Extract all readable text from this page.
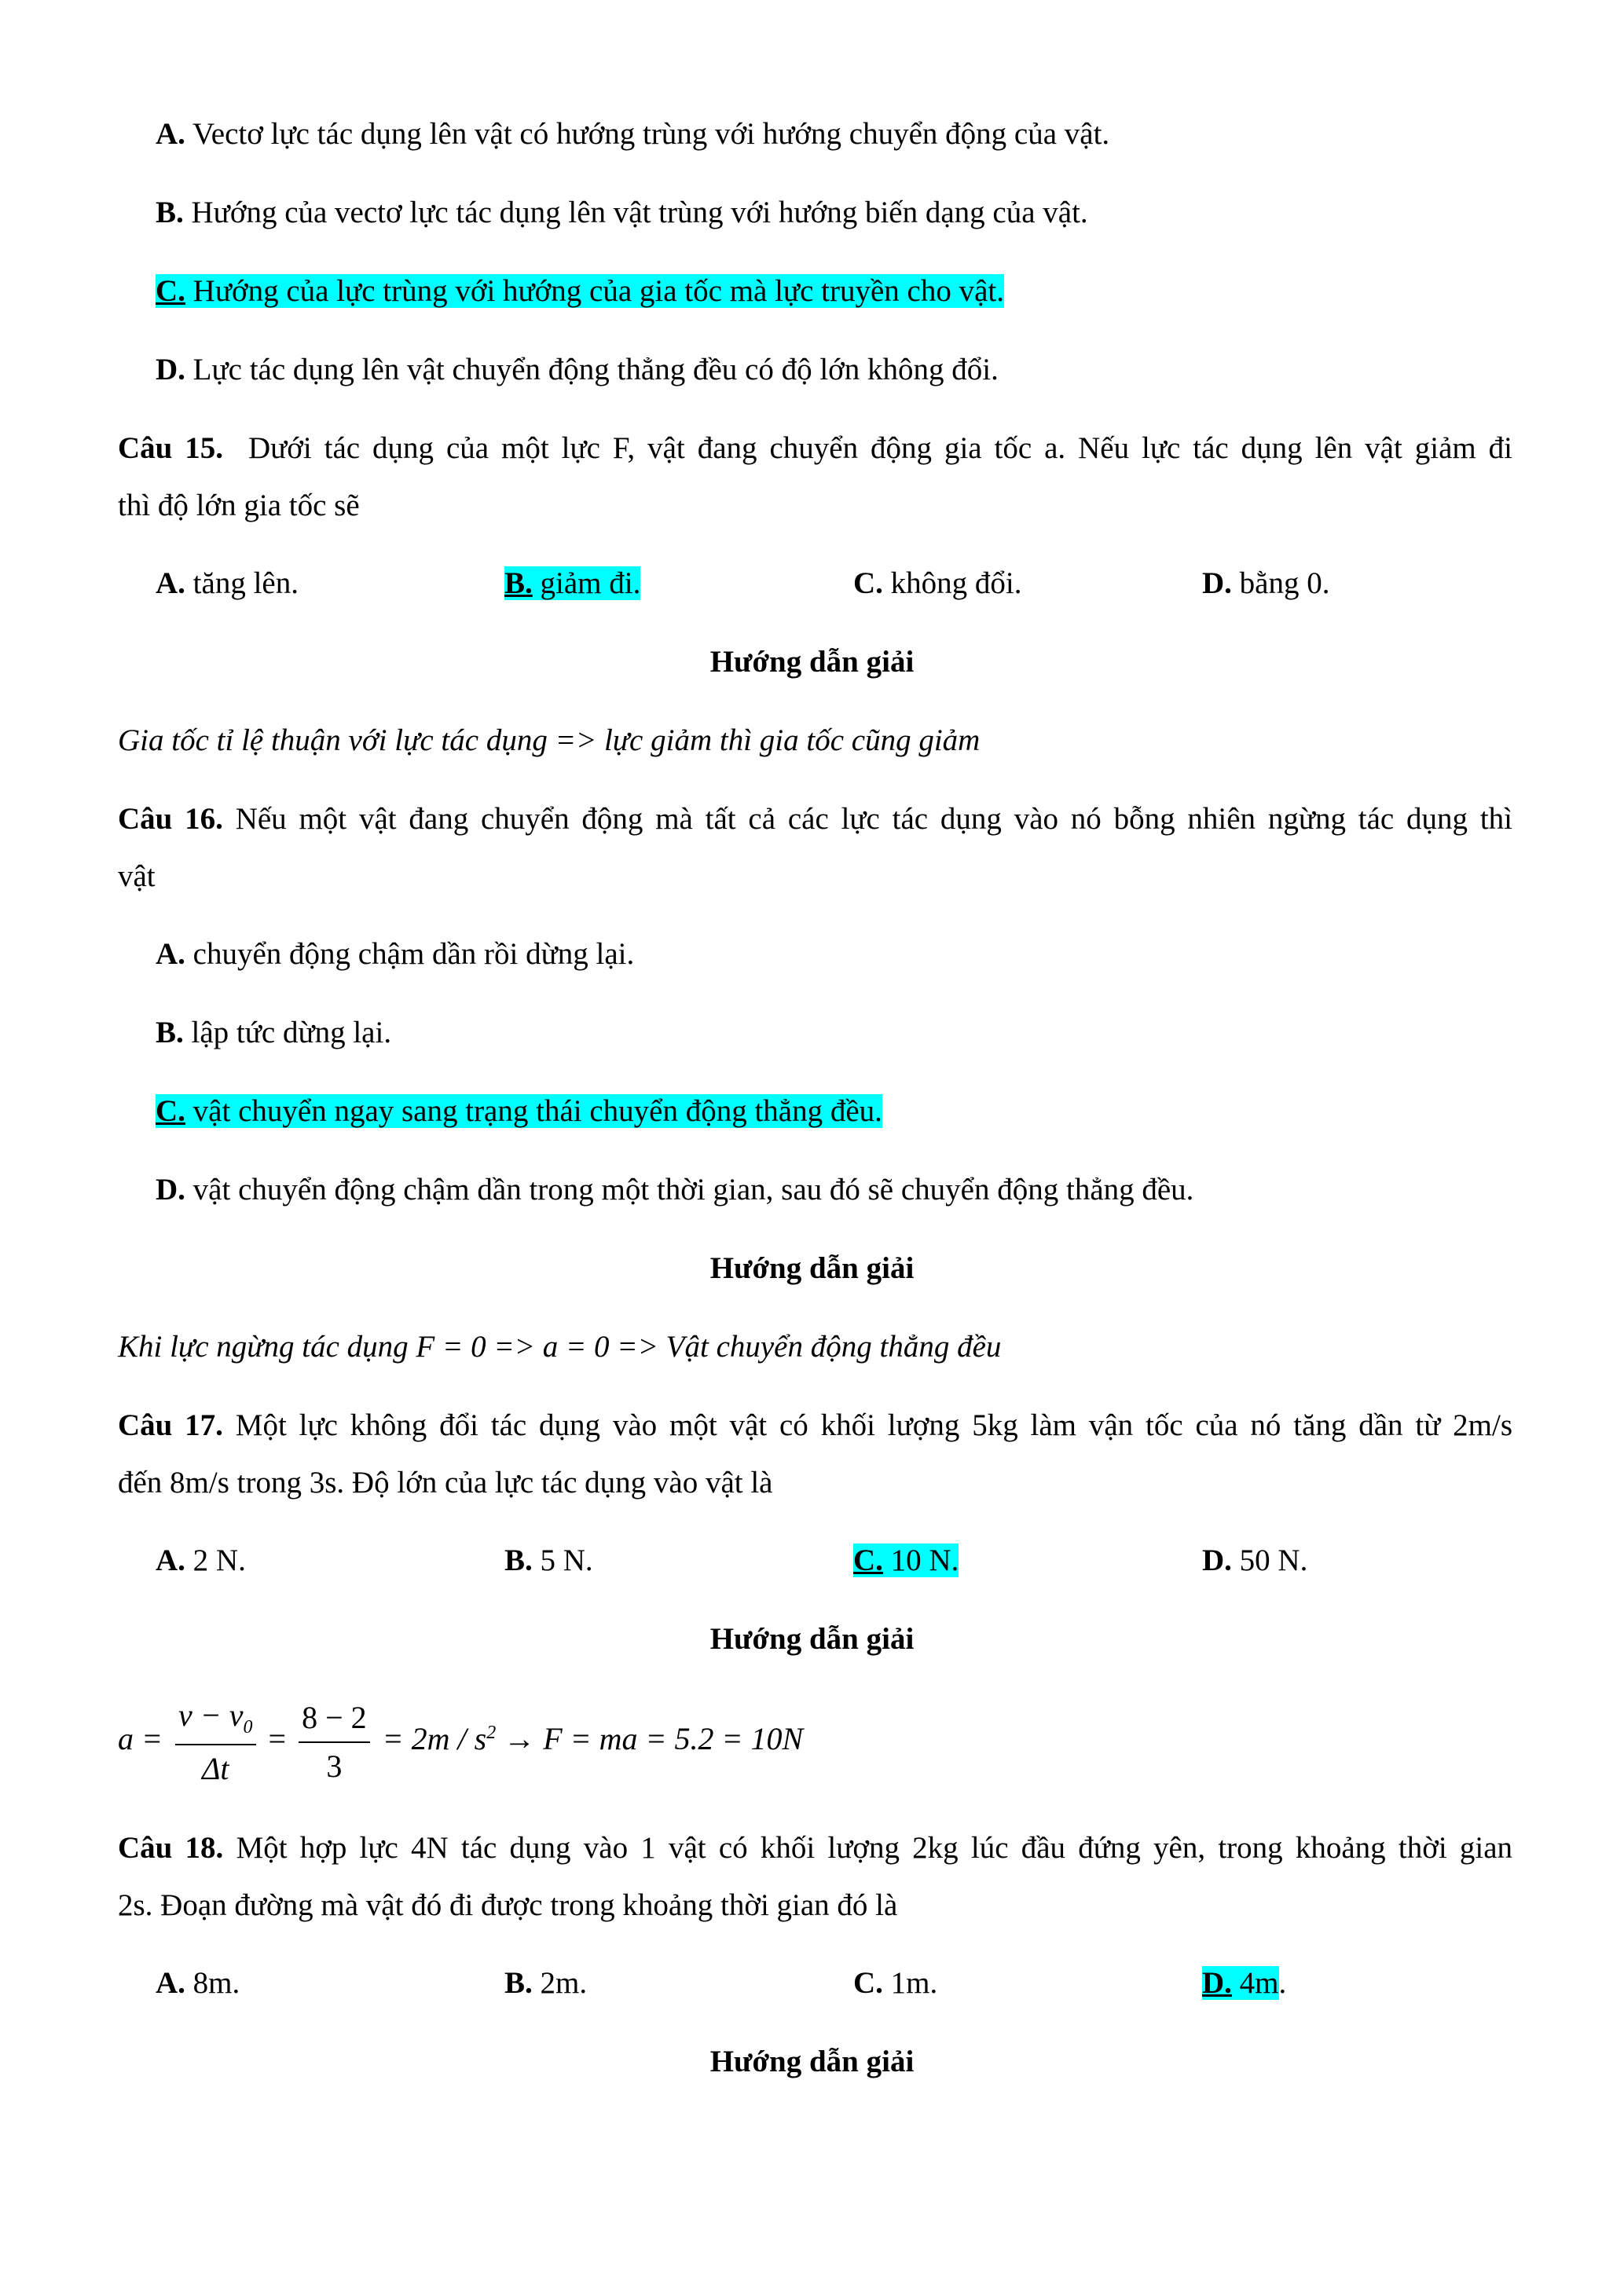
A. Vectơ lực tác dụng lên vật có hướng trùng với hướng chuyển động của vật.
B. Hướng của vectơ lực tác dụng lên vật trùng với hướng biến dạng của vật.
C. Hướng của lực trùng với hướng của gia tốc mà lực truyền cho vật.
D. Lực tác dụng lên vật chuyển động thẳng đều có độ lớn không đổi.
Câu 15. Dưới tác dụng của một lực F, vật đang chuyển động gia tốc a. Nếu lực tác dụng lên vật giảm đi
thì độ lớn gia tốc sẽ
A. tăng lên.	B. giảm đi.	C. không đổi.	D. bằng 0.
Hướng dẫn giải
Gia tốc tỉ lệ thuận với lực tác dụng => lực giảm thì gia tốc cũng giảm
Câu 16. Nếu một vật đang chuyển động mà tất cả các lực tác dụng vào nó bỗng nhiên ngừng tác dụng thì
vật
A. chuyển động chậm dần rồi dừng lại.
B. lập tức dừng lại.
C. vật chuyển ngay sang trạng thái chuyển động thẳng đều.
D. vật chuyển động chậm dần trong một thời gian, sau đó sẽ chuyển động thẳng đều.
Hướng dẫn giải
Khi lực ngừng tác dụng F = 0 => a = 0 => Vật chuyển động thẳng đều
Câu 17. Một lực không đổi tác dụng vào một vật có khối lượng 5kg làm vận tốc của nó tăng dần từ 2m/s
đến 8m/s trong 3s. Độ lớn của lực tác dụng vào vật là
A. 2 N.	B. 5 N.	C. 10 N.	D. 50 N.
Hướng dẫn giải
$a = \frac{v - v_0}{\Delta t} = \frac{8 - 2}{3} = 2m / s^2 \to F$ = ma = 5.2 = 10N
Câu 18. Một hợp lực 4N tác dụng vào 1 vật có khối lượng 2kg lúc đầu đứng yên, trong khoảng thời gian
2s. Đoạn đường mà vật đó đi được trong khoảng thời gian đó là
A. 8m.	B. 2m.	C. 1m.	D. 4m.
Hướng dẫn giải
